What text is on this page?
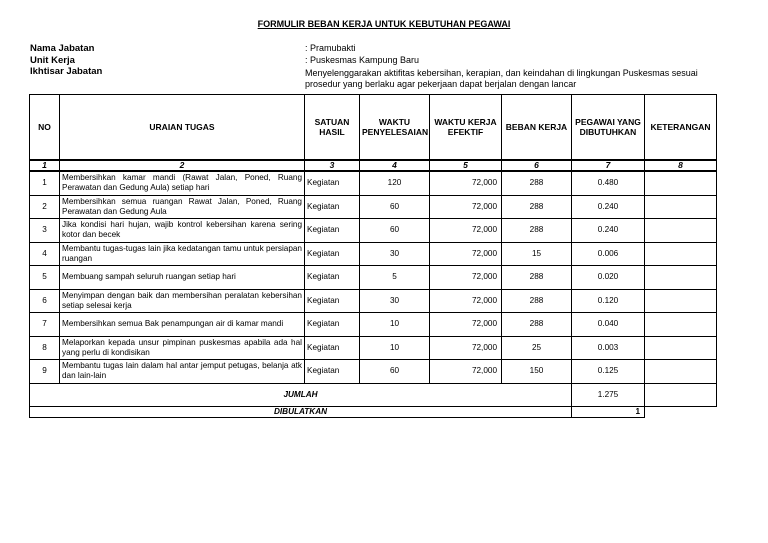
FORMULIR BEBAN KERJA UNTUK KEBUTUHAN PEGAWAI
Nama Jabatan	: Pramubakti
Unit Kerja	: Puskesmas Kampung Baru
Ikhtisar Jabatan	Menyelenggarakan aktifitas kebersihan, kerapian, dan keindahan di lingkungan Puskesmas sesuai prosedur yang berlaku agar pekerjaan dapat berjalan dengan lancar
NO	URAIAN TUGAS	SATUAN HASIL	WAKTU PENYELESAIAN	WAKTU KERJA EFEKTIF	BEBAN KERJA	PEGAWAI YANG DIBUTUHKAN	KETERANGAN
1	2	3	4	5	6	7	8
1	Membersihkan kamar mandi (Rawat Jalan, Poned, Ruang Perawatan dan Gedung Aula) setiap hari	Kegiatan	120	72,000	288	0.480	
2	Membersihkan semua ruangan Rawat Jalan, Poned, Ruang Perawatan dan Gedung Aula	Kegiatan	60	72,000	288	0.240	
3	Jika kondisi hari hujan, wajib kontrol kebersihan karena sering kotor dan becek	Kegiatan	60	72,000	288	0.240	
4	Membantu tugas-tugas lain jika kedatangan tamu untuk persiapan ruangan	Kegiatan	30	72,000	15	0.006	
5	Membuang sampah seluruh ruangan setiap hari	Kegiatan	5	72,000	288	0.020	
6	Menyimpan dengan baik dan membersihan peralatan kebersihan setiap selesai kerja	Kegiatan	30	72,000	288	0.120	
7	Membersihkan semua Bak penampungan air di kamar mandi	Kegiatan	10	72,000	288	0.040	
8	Melaporkan kepada unsur pimpinan puskesmas apabila ada hal yang perlu di kondisikan	Kegiatan	10	72,000	25	0.003	
9	Membantu tugas lain dalam hal antar jemput petugas, belanja atk dan lain-lain	Kegiatan	60	72,000	150	0.125	
JUMLAH						1.275	
DIBULATKAN						1	
